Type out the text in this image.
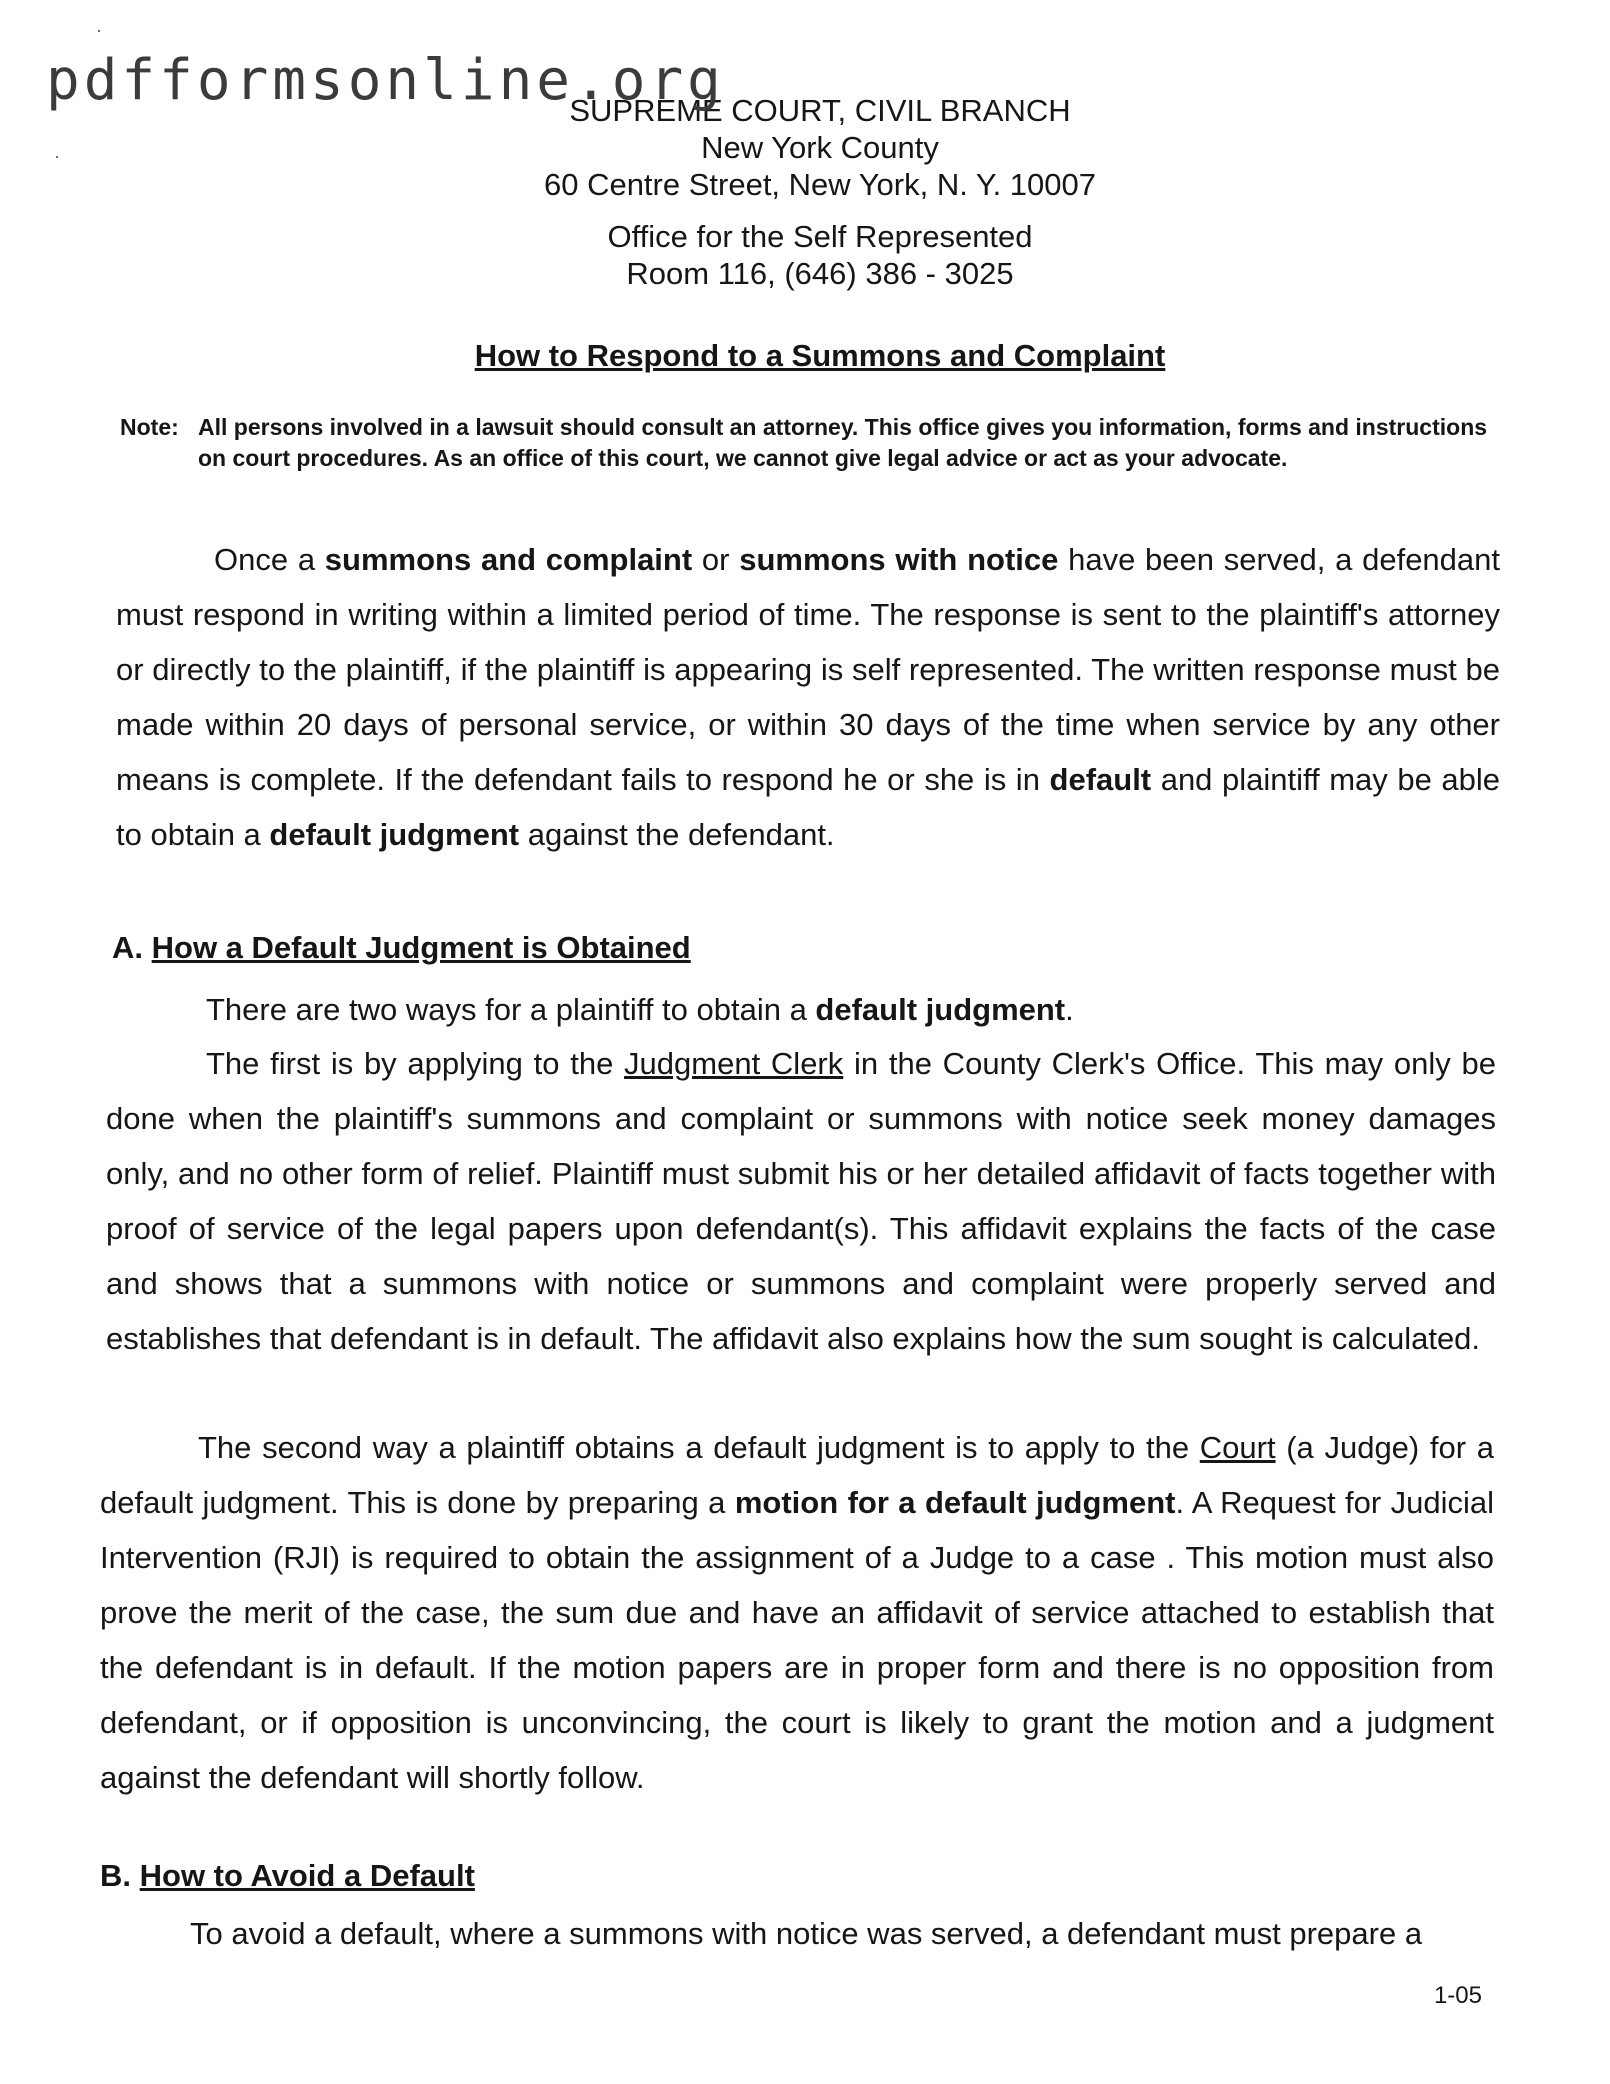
pdfformsonline.org
·
·
SUPREME COURT, CIVIL BRANCH
New York County
60 Centre Street, New York, N. Y. 10007
Office for the Self Represented
Room 116, (646) 386 - 3025
How to Respond to a Summons and Complaint
Note: All persons involved in a lawsuit should consult an attorney. This office gives you information, forms and instructions on court procedures. As an office of this court, we cannot give legal advice or act as your advocate.
Once a summons and complaint or summons with notice have been served, a defendant must respond in writing within a limited period of time. The response is sent to the plaintiff's attorney or directly to the plaintiff, if the plaintiff is appearing is self represented. The written response must be made within 20 days of personal service, or within 30 days of the time when service by any other means is complete. If the defendant fails to respond he or she is in default and plaintiff may be able to obtain a default judgment against the defendant.
A. How a Default Judgment is Obtained
There are two ways for a plaintiff to obtain a default judgment.
The first is by applying to the Judgment Clerk in the County Clerk's Office. This may only be done when the plaintiff's summons and complaint or summons with notice seek money damages only, and no other form of relief. Plaintiff must submit his or her detailed affidavit of facts together with proof of service of the legal papers upon defendant(s). This affidavit explains the facts of the case and shows that a summons with notice or summons and complaint were properly served and establishes that defendant is in default. The affidavit also explains how the sum sought is calculated.
The second way a plaintiff obtains a default judgment is to apply to the Court (a Judge) for a default judgment. This is done by preparing a motion for a default judgment. A Request for Judicial Intervention (RJI) is required to obtain the assignment of a Judge to a case . This motion must also prove the merit of the case, the sum due and have an affidavit of service attached to establish that the defendant is in default. If the motion papers are in proper form and there is no opposition from defendant, or if opposition is unconvincing, the court is likely to grant the motion and a judgment against the defendant will shortly follow.
B. How to Avoid a Default
To avoid a default, where a summons with notice was served, a defendant must prepare a
1-05
